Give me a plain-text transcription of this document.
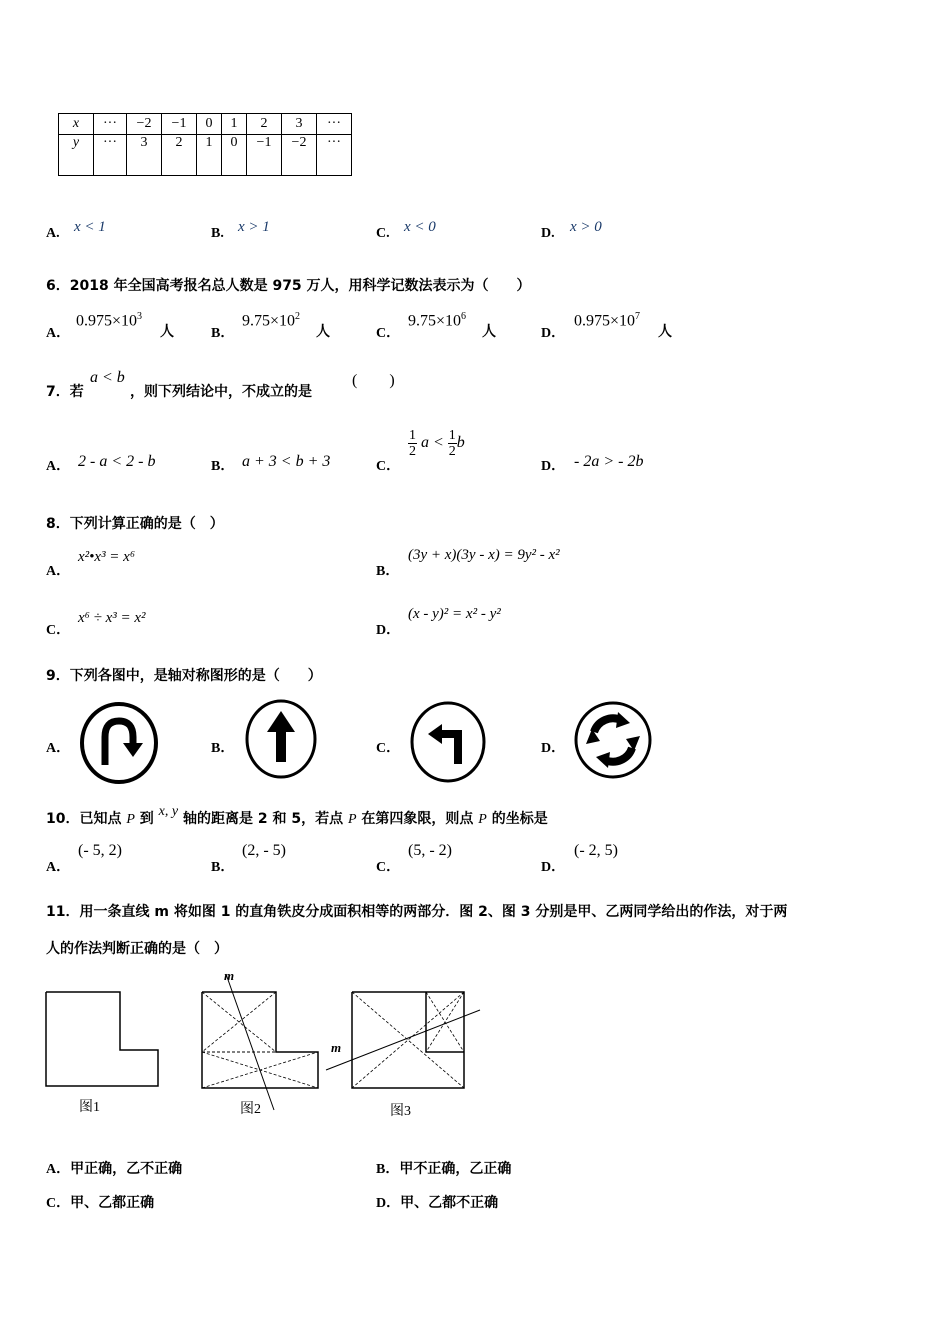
x	···	−2	−1	0	1	2	3	···
y	···	3	2	1	0	−1	−2	···
A. x < 1	B. x > 1	C. x < 0	D. x > 0
6．2018 年全国高考报名总人数是 975 万人，用科学记数法表示为（　　）
A．
$0.975\times 10^3$
人	B．
$9.75\times 10^2$
人	C．
$9.75\times 10^6$
人	D．
$0.975\times 10^7$
人
7．若
a < b
，则下列结论中，不成立的是
(　　)
A． 2 - a < 2 - b	B． a + 3 < b + 3	C．
$\frac{1}{2}$ $a < \frac{1}{2}$ b
D． - 2a > - 2b
8．下列计算正确的是（　）
A．
x²•x³ = x⁶
B．
(3y + x)(3y - x) = 9y² - x²
C．
x⁶ ÷ x³ = x²
D．
(x - y)² = x² - y²
9．下列各图中，是轴对称图形的是（　　）
A．	B．	C．	D．
10．已知点 P 到 x, y 轴的距离是 2 和 5，若点 P 在第四象限，则点 P 的坐标是
A．
(- 5, 2)
B．
(2, - 5)
C．
(5, - 2)
D．
(- 2, 5)
11．用一条直线 m 将如图 1 的直角铁皮分成面积相等的两部分．图 2、图 3 分别是甲、乙两同学给出的作法，对于两
人的作法判断正确的是（　）
图1
m
图2
m
图3
A．甲正确，乙不正确	B．甲不正确，乙正确
C．甲、乙都正确	D．甲、乙都不正确
